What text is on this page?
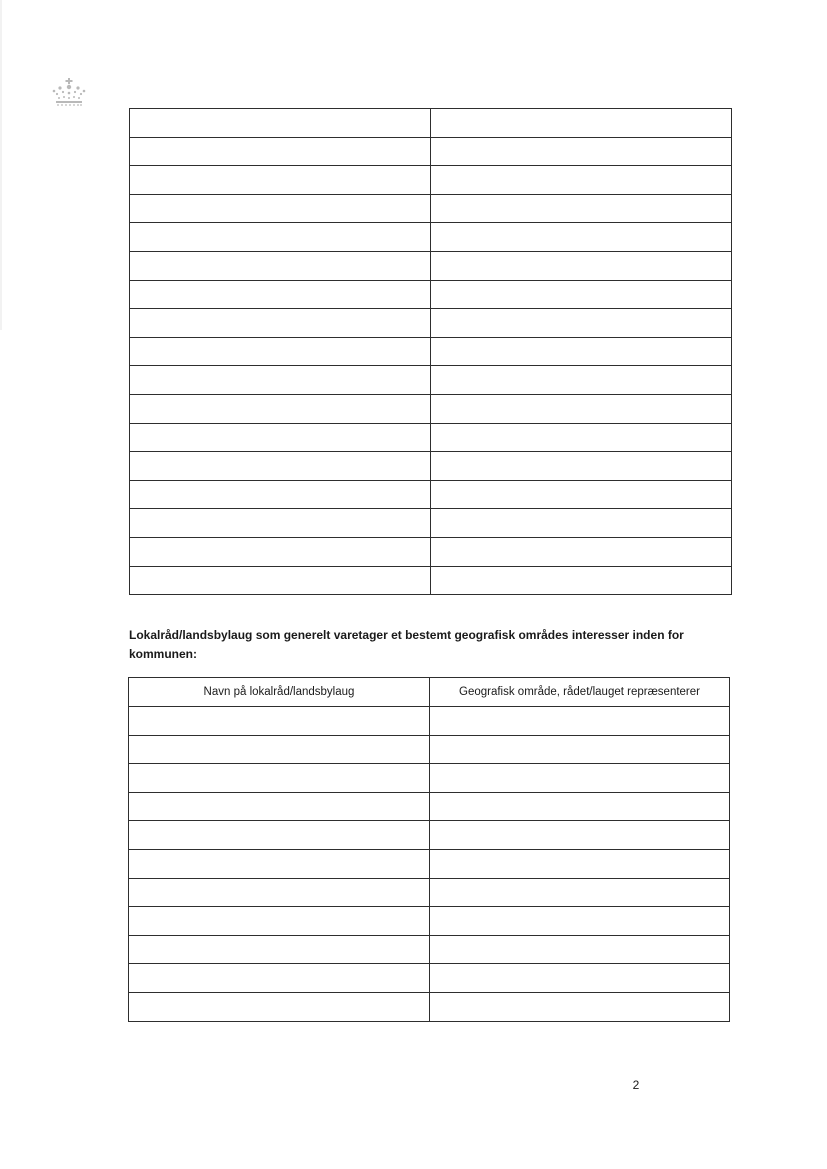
Lokalråd/landsbylaug som generelt varetager et bestemt geografisk områdes interesser inden for kommunen:
Navn på lokalråd/landsbylaug	Geografisk område, rådet/lauget repræsenterer

2
